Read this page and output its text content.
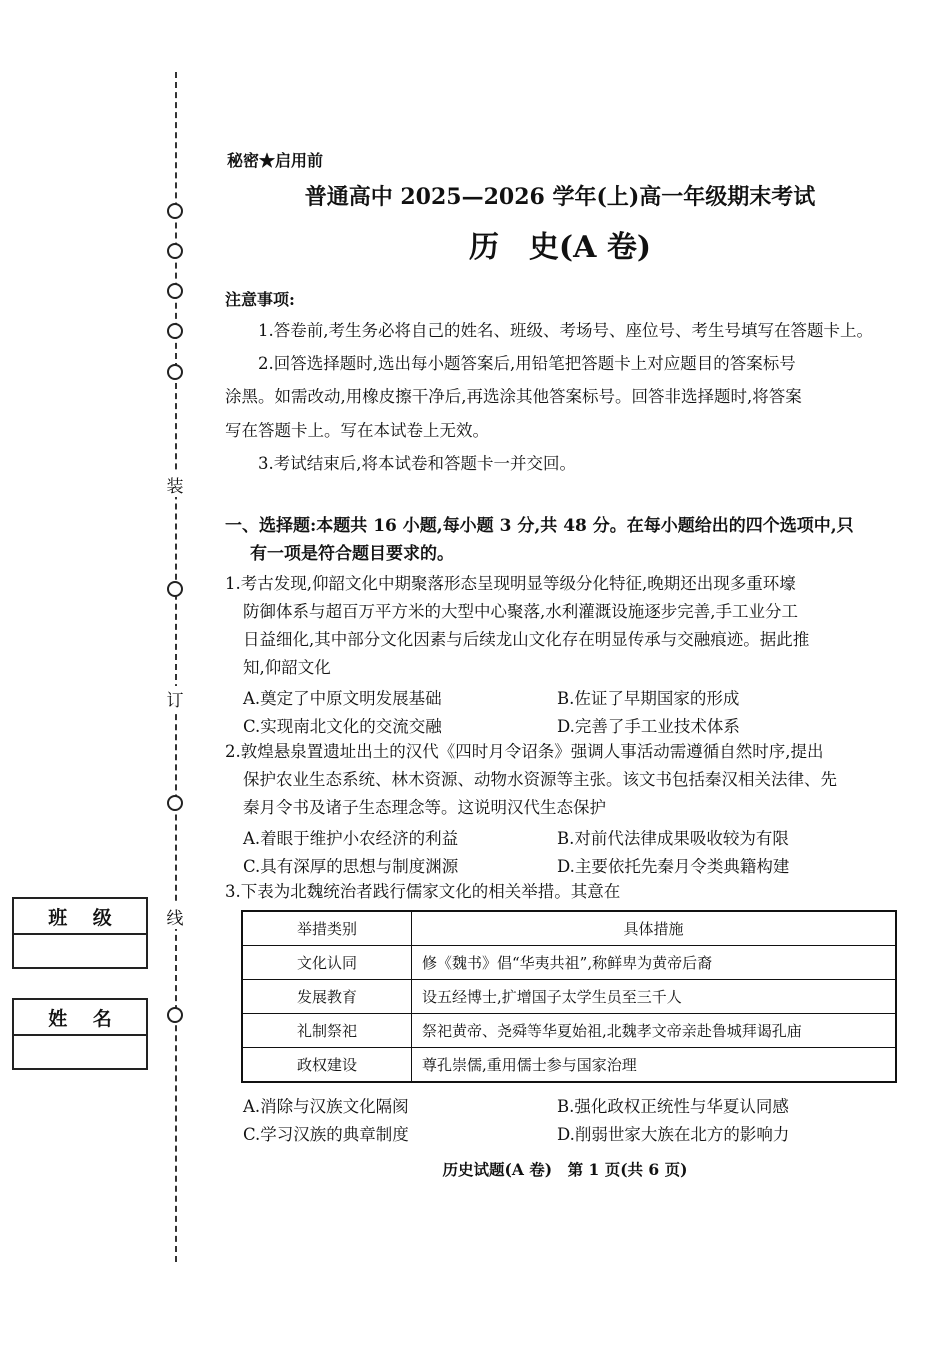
装
订
线
班　 级
姓　 名
秘密★启用前
普通高中 2025—2026 学年(上)高一年级期末考试
历　史(A 卷)
注意事项:
1.答卷前,考生务必将自己的姓名、班级、考场号、座位号、考生号填写在答题卡上。
2.回答选择题时,选出每小题答案后,用铅笔把答题卡上对应题目的答案标号
涂黑。如需改动,用橡皮擦干净后,再选涂其他答案标号。回答非选择题时,将答案
写在答题卡上。写在本试卷上无效。
3.考试结束后,将本试卷和答题卡一并交回。
一、选择题:本题共 16 小题,每小题 3 分,共 48 分。在每小题给出的四个选项中,只
有一项是符合题目要求的。
1.考古发现,仰韶文化中期聚落形态呈现明显等级分化特征,晚期还出现多重环壕
防御体系与超百万平方米的大型中心聚落,水利灌溉设施逐步完善,手工业分工
日益细化,其中部分文化因素与后续龙山文化存在明显传承与交融痕迹。据此推
知,仰韶文化
A.奠定了中原文明发展基础	B.佐证了早期国家的形成
C.实现南北文化的交流交融	D.完善了手工业技术体系
2.敦煌悬泉置遗址出土的汉代《四时月令诏条》强调人事活动需遵循自然时序,提出
保护农业生态系统、林木资源、动物水资源等主张。该文书包括秦汉相关法律、先
秦月令书及诸子生态理念等。这说明汉代生态保护
A.着眼于维护小农经济的利益	B.对前代法律成果吸收较为有限
C.具有深厚的思想与制度渊源	D.主要依托先秦月令类典籍构建
3.下表为北魏统治者践行儒家文化的相关举措。其意在
举措类别	具体措施
文化认同	修《魏书》倡“华夷共祖”,称鲜卑为黄帝后裔
发展教育	设五经博士,扩增国子太学生员至三千人
礼制祭祀	祭祀黄帝、尧舜等华夏始祖,北魏孝文帝亲赴鲁城拜谒孔庙
政权建设	尊孔崇儒,重用儒士参与国家治理
A.消除与汉族文化隔阂	B.强化政权正统性与华夏认同感
C.学习汉族的典章制度	D.削弱世家大族在北方的影响力
历史试题(A 卷)　第 1 页(共 6 页)
